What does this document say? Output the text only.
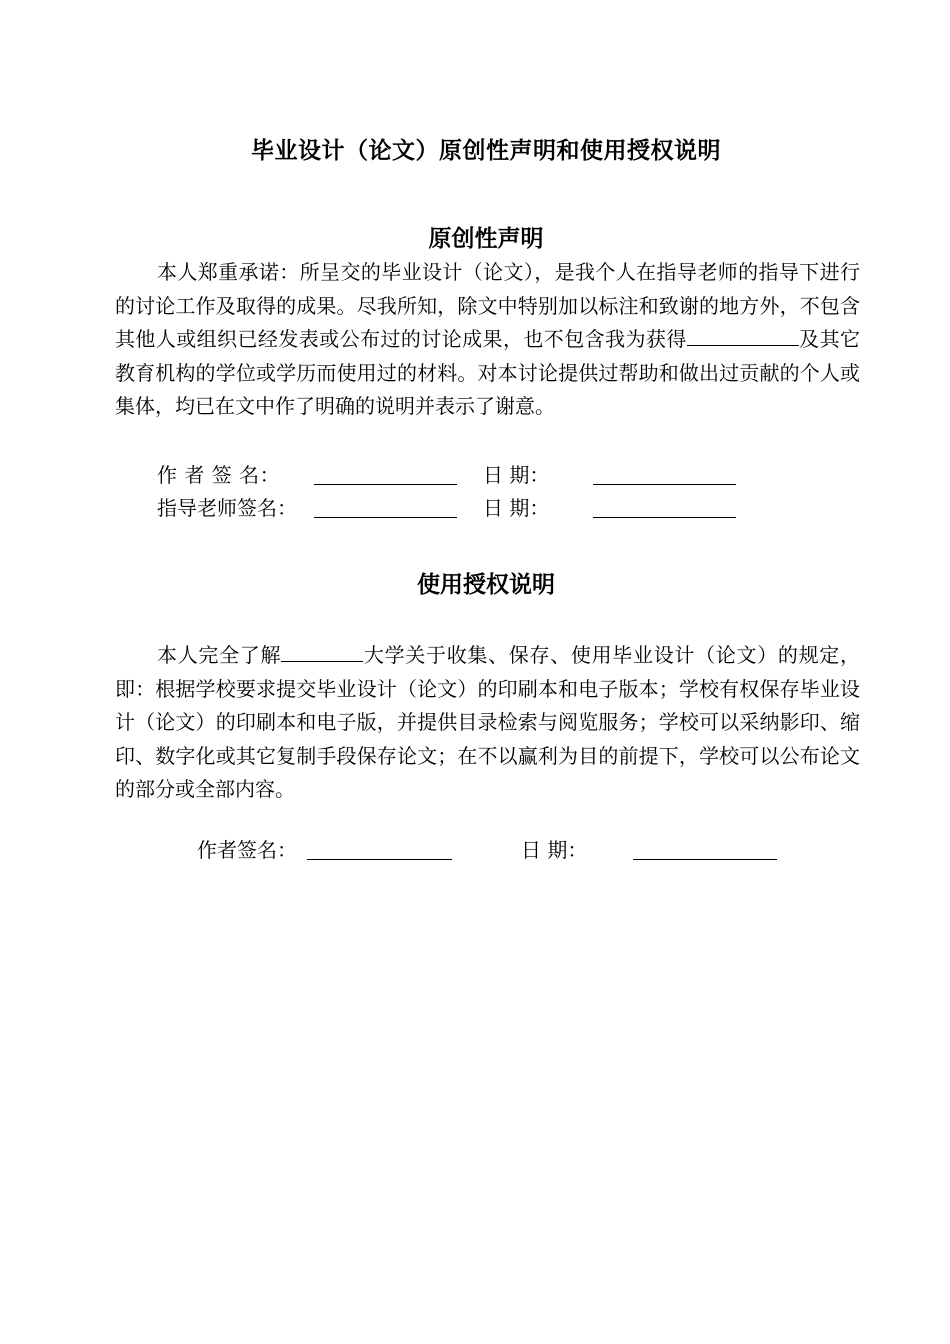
毕业设计（论文）原创性声明和使用授权说明
原创性声明
本人郑重承诺：所呈交的毕业设计（论文），是我个人在指导老师的指导下进行的讨论工作及取得的成果。尽我所知，除文中特别加以标注和致谢的地方外，不包含其他人或组织已经发表或公布过的讨论成果，也不包含我为获得	及其它教育机构的学位或学历而使用过的材料。对本讨论提供过帮助和做出过贡献的个人或集体，均已在文中作了明确的说明并表示了谢意。
作 者 签 名：	日 期：
指导老师签名：	日 期：
使用授权说明
本人完全了解	大学关于收集、保存、使用毕业设计（论文）的规定，即：根据学校要求提交毕业设计（论文）的印刷本和电子版本；学校有权保存毕业设计（论文）的印刷本和电子版，并提供目录检索与阅览服务；学校可以采纳影印、缩印、数字化或其它复制手段保存论文；在不以赢利为目的前提下，学校可以公布论文的部分或全部内容。
作者签名：	日 期：
